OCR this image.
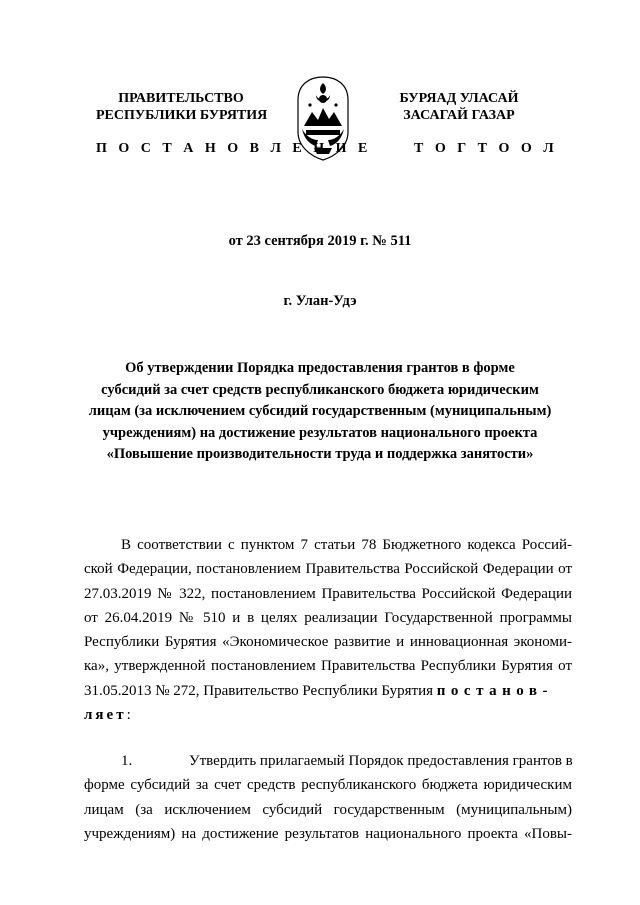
ПРАВИТЕЛЬСТВО
РЕСПУБЛИКИ БУРЯТИЯ
БУРЯАД УЛАСАЙ
ЗАСАГАЙ ГАЗАР
П О С Т А Н О В Л Е Н И Е	Т О Г Т О О Л
от 23 сентября 2019 г. № 511
г. Улан-Удэ
Об утверждении Порядка предоставления грантов в форме
субсидий за счет средств республиканского бюджета юридическим
лицам (за исключением субсидий государственным (муниципальным)
учреждениям) на достижение результатов национального проекта
«Повышение производительности труда и поддержка занятости»
В соответствии с пунктом 7 статьи 78 Бюджетного кодекса Россий-
ской Федерации, постановлением Правительства Российской Федерации от
27.03.2019 № 322, постановлением Правительства Российской Федерации
от 26.04.2019 № 510 и в целях реализации Государственной программы
Республики Бурятия «Экономическое развитие и инновационная экономи-
ка», утвержденной постановлением Правительства Республики Бурятия от
31.05.2013 № 272, Правительство Республики Бурятия постанов-
ляет:
1.	Утвердить прилагаемый Порядок предоставления грантов в
форме субсидий за счет средств республиканского бюджета юридическим
лицам (за исключением субсидий государственным (муниципальным)
учреждениям) на достижение результатов национального проекта «Повы-
